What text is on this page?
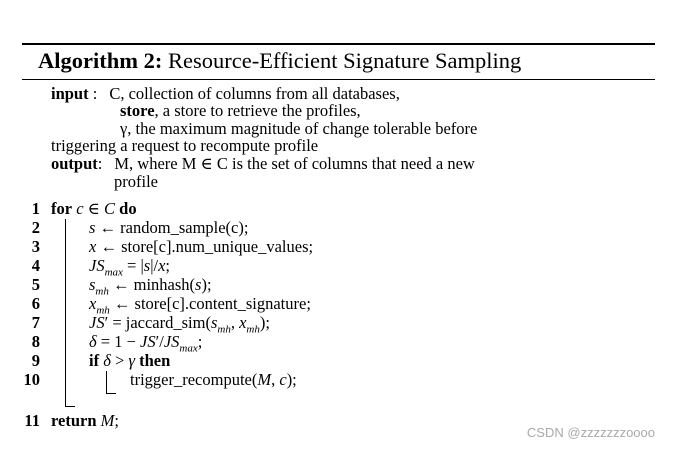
Algorithm 2: Resource-Efficient Signature Sampling
input : C, collection of columns from all databases,
store, a store to retrieve the profiles,
γ, the maximum magnitude of change tolerable before
triggering a request to recompute profile
output: M, where M ∈ C is the set of columns that need a new
profile
1 for c ∈ C do
2	s ← random_sample(c);
3	x ← store[c].num_unique_values;
4	$JS_{max} = |s|/x$;
5	$s_{mh}$ ← minhash(s);
6	$x_{mh}$ ← store[c].content_signature;
7	$JS' = jaccard\_sim(s_{mh}$, $x_{mh}$);
8	$\delta = 1 - JS'/JS_{max}$;
9	if δ > γ then
10	trigger_recompute(M, c);
11 return M;
CSDN @zzzzzzzoooo
